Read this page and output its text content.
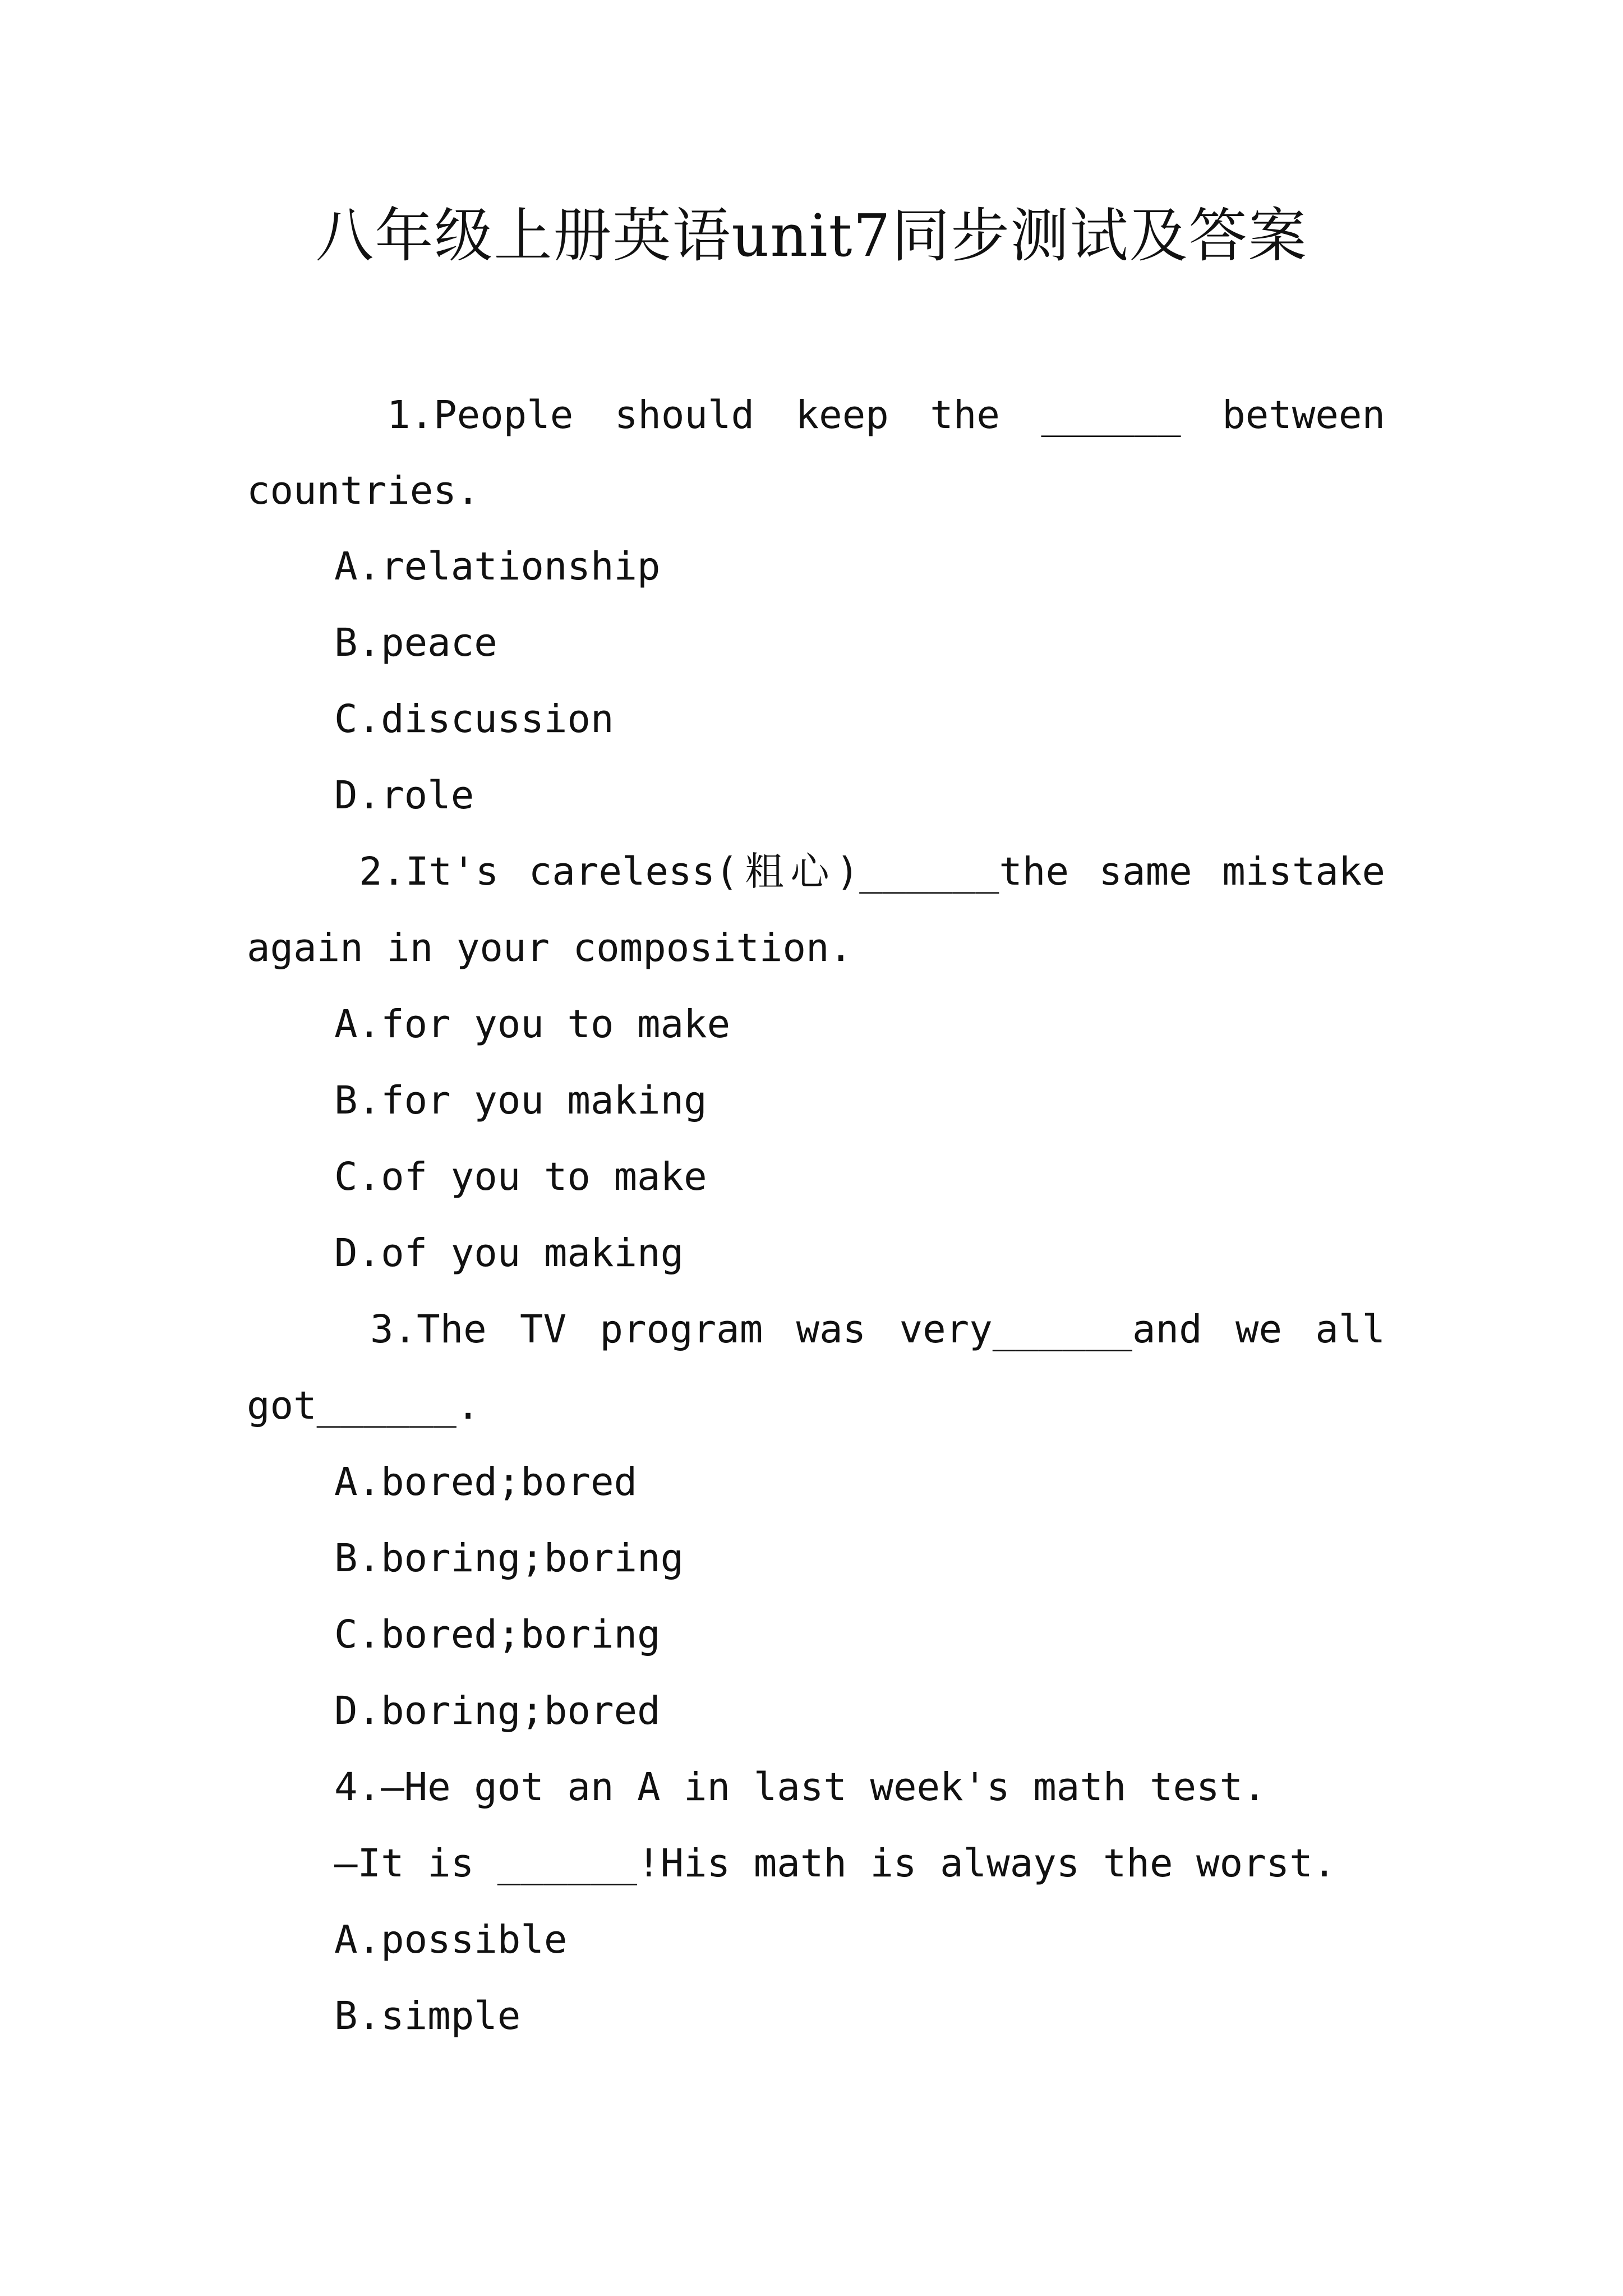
八年级上册英语unit7同步测试及答案
1.People should keep the ______ between
countries.
A.relationship
B.peace
C.discussion
D.role
2.It's careless(粗心)______the same mistake
again in your composition.
A.for you to make
B.for you making
C.of you to make
D.of you making
3.The TV program was very______and we all
got______.
A.bored;bored
B.boring;boring
C.bored;boring
D.boring;bored
4.—He got an A in last week's math test.
—It is ______!His math is always the worst.
A.possible
B.simple
